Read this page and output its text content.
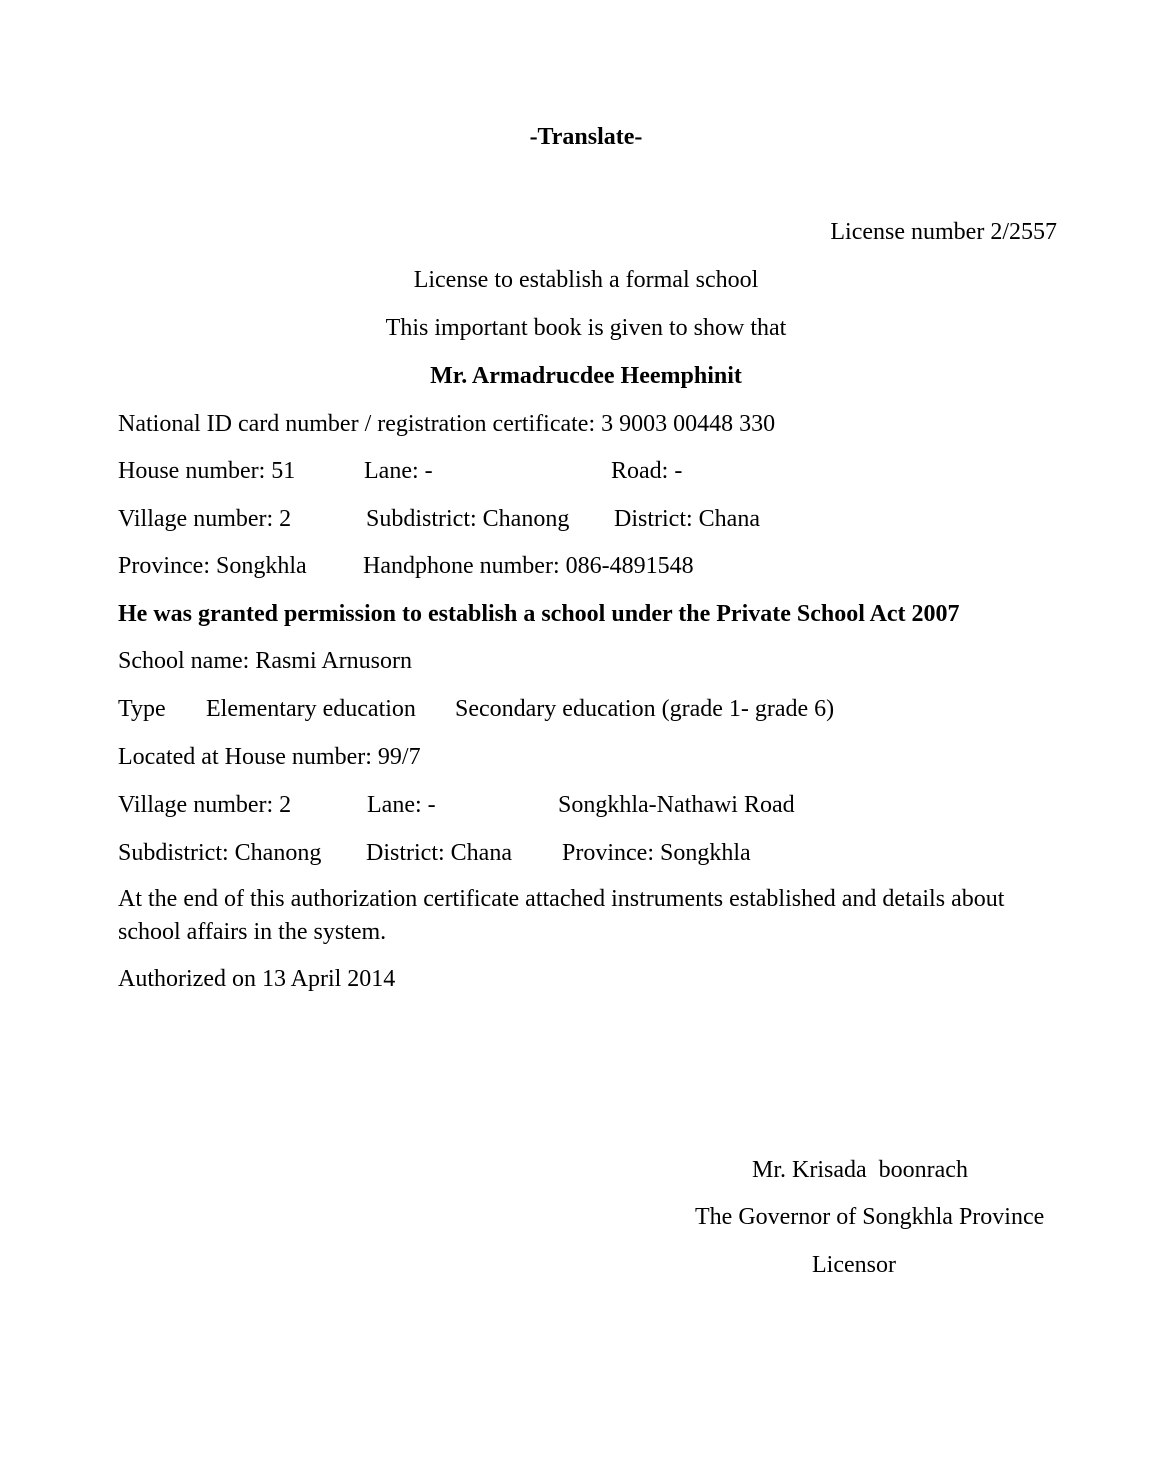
-Translate-
License number 2/2557
License to establish a formal school
This important book is given to show that
Mr. Armadrucdee Heemphinit
National ID card number / registration certificate: 3 9003 00448 330
House number: 51	Lane: -	Road: -
Village number: 2	Subdistrict: Chanong District: Chana
Province: Songkhla Handphone number: 086-4891548
He was granted permission to establish a school under the Private School Act 2007
School name: Rasmi Arnusorn
Type Elementary education Secondary education (grade 1- grade 6)
Located at House number: 99/7
Village number: 2	Lane: -	Songkhla-Nathawi Road
Subdistrict: Chanong District: Chana Province: Songkhla
At the end of this authorization certificate attached instruments established and details about school affairs in the system.
Authorized on 13 April 2014
Mr. Krisada  boonrach
The Governor of Songkhla Province
Licensor
